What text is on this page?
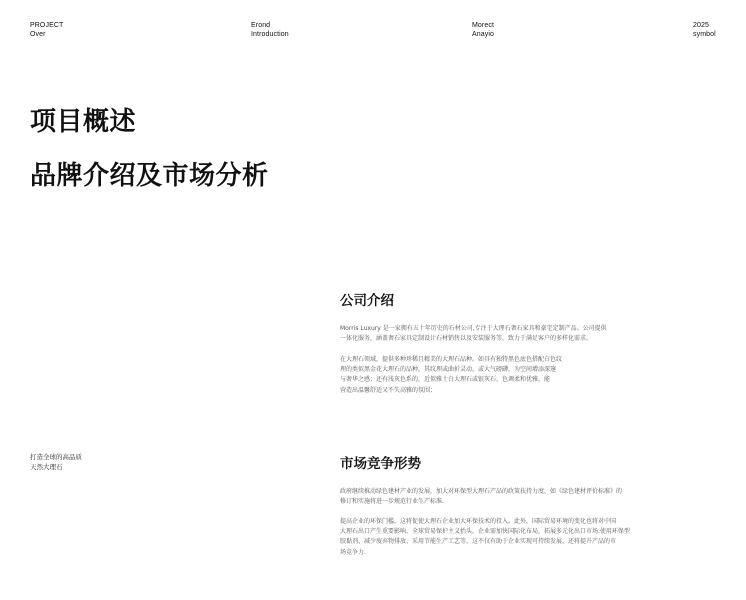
PROJECT
Over
Erond
Introduction
Morect
Anayio
2025
symbol
项目概述
品牌介绍及市场分析
打造全球的高品质
天然大理石
公司介绍
Morris Luxury 是一家拥有五十年历史的石材公司,专注于大理石奢石家具和豪宅定制产品。公司提供
一体化服务，涵盖奢石家具定制设计石材销售以及安装服务等，致力于满足客户的多样化需求。
在大理石领域，提供多种珍稀且精美的大理石品种。如具有独特黑色底色搭配白色纹
理的类似黑金花大理石的品种，其纹理或曲折灵动，或大气磅礴，为空间增添深邃
与奢华之感；还有浅灰色系的，近似雅士白大理石或银灰石，色调柔和优雅，能
营造出温馨舒适又不失高雅的氛围；
市场竞争形势
政府继续推动绿色建材产业的发展，加大对环保型大理石产品的政策扶持力度，如《绿色建材评价标准》的
修订和实施将进一步规范行业生产标准.
提高企业的环保门槛，这将促使大理石企业加大环保技术的投入。此外，国际贸易环境的变化也将对中国
大理石出口产生重要影响，全球贸易保护主义抬头，企业需加快国际化布局，拓展多元化出口市场.使用环保型
胶黏剂、减少废弃物排放、采用节能生产工艺等，这不仅有助于企业实现可持续发展，还将提升产品的市
场竞争力.
